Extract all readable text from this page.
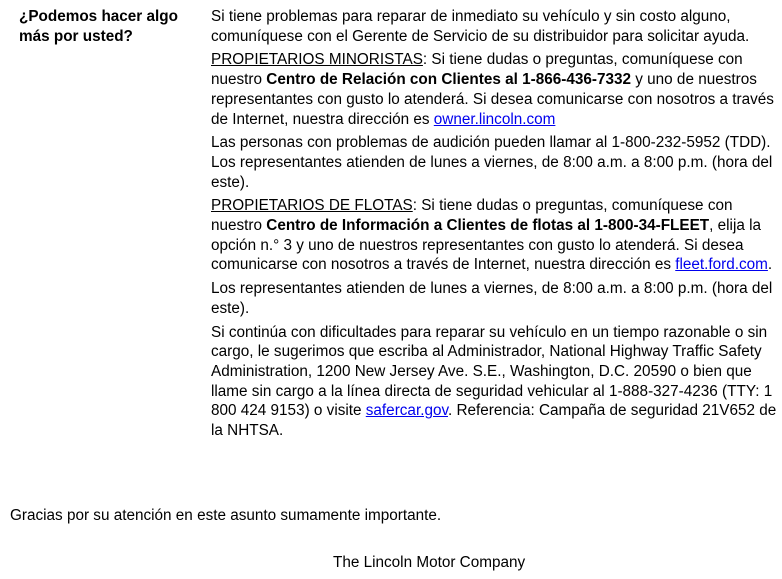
¿Podemos hacer algo más por usted?

Si tiene problemas para reparar de inmediato su vehículo y sin costo alguno, comuníquese con el Gerente de Servicio de su distribuidor para solicitar ayuda.

PROPIETARIOS MINORISTAS: Si tiene dudas o preguntas, comuníquese con nuestro Centro de Relación con Clientes al 1-866-436-7332 y uno de nuestros representantes con gusto lo atenderá. Si desea comunicarse con nosotros a través de Internet, nuestra dirección es owner.lincoln.com

Las personas con problemas de audición pueden llamar al 1-800-232-5952 (TDD). Los representantes atienden de lunes a viernes, de 8:00 a.m. a 8:00 p.m. (hora del este).

PROPIETARIOS DE FLOTAS: Si tiene dudas o preguntas, comuníquese con nuestro Centro de Información a Clientes de flotas al 1-800-34-FLEET, elija la opción n.° 3 y uno de nuestros representantes con gusto lo atenderá. Si desea comunicarse con nosotros a través de Internet, nuestra dirección es fleet.ford.com.

Los representantes atienden de lunes a viernes, de 8:00 a.m. a 8:00 p.m. (hora del este).

Si continúa con dificultades para reparar su vehículo en un tiempo razonable o sin cargo, le sugerimos que escriba al Administrador, National Highway Traffic Safety Administration, 1200 New Jersey Ave. S.E., Washington, D.C. 20590 o bien que llame sin cargo a la línea directa de seguridad vehicular al 1-888-327-4236 (TTY: 1 800 424 9153) o visite safercar.gov. Referencia: Campaña de seguridad 21V652 de la NHTSA.

Gracias por su atención en este asunto sumamente importante.
The Lincoln Motor Company
